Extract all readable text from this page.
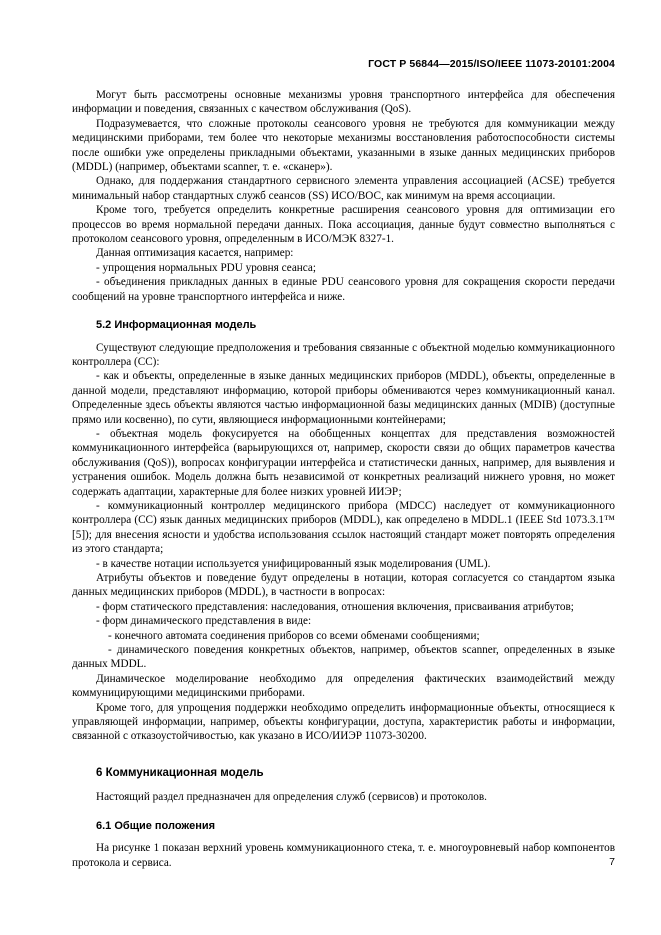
ГОСТ Р 56844—2015/ISO/IEEE 11073-20101:2004

Могут быть рассмотрены основные механизмы уровня транспортного интерфейса для обеспечения информации и поведения, связанных с качеством обслуживания (QoS).

Подразумевается, что сложные протоколы сеансового уровня не требуются для коммуникации между медицинскими приборами, тем более что некоторые механизмы восстановления работоспособности системы после ошибки уже определены прикладными объектами, указанными в языке данных медицинских приборов (MDDL) (например, объектами scanner, т. е. «сканер»).

Однако, для поддержания стандартного сервисного элемента управления ассоциацией (ACSE) требуется минимальный набор стандартных служб сеансов (SS) ИСО/ВОС, как минимум на время ассоциации.

Кроме того, требуется определить конкретные расширения сеансового уровня для оптимизации его процессов во время нормальной передачи данных. Пока ассоциация, данные будут совместно выполняться с протоколом сеансового уровня, определенным в ИСО/МЭК 8327-1.

Данная оптимизация касается, например:

- упрощения нормальных PDU уровня сеанса;

- объединения прикладных данных в единые PDU сеансового уровня для сокращения скорости передачи сообщений на уровне транспортного интерфейса и ниже.

5.2 Информационная модель

Существуют следующие предположения и требования связанные с объектной моделью коммуникационного контроллера (CC):

- как и объекты, определенные в языке данных медицинских приборов (MDDL), объекты, определенные в данной модели, представляют информацию, которой приборы обмениваются через коммуникационный канал. Определенные здесь объекты являются частью информационной базы медицинских данных (MDIB) (доступные прямо или косвенно), по сути, являющиеся информационными контейнерами;

- объектная модель фокусируется на обобщенных концептах для представления возможностей коммуникационного интерфейса (варьирующихся от, например, скорости связи до общих параметров качества обслуживания (QoS)), вопросах конфигурации интерфейса и статистически данных, например, для выявления и устранения ошибок. Модель должна быть независимой от конкретных реализаций нижнего уровня, но может содержать адаптации, характерные для более низких уровней ИИЭР;

- коммуникационный контроллер медицинского прибора (MDCC) наследует от коммуникационного контроллера (CC) язык данных медицинских приборов (MDDL), как определено в MDDL.1 (IEEE Std 1073.3.1™ [5]); для внесения ясности и удобства использования ссылок настоящий стандарт может повторять определения из этого стандарта;

- в качестве нотации используется унифицированный язык моделирования (UML).

Атрибуты объектов и поведение будут определены в нотации, которая согласуется со стандартом языка данных медицинских приборов (MDDL), в частности в вопросах:

- форм статического представления: наследования, отношения включения, присваивания атрибутов;

- форм динамического представления в виде:

- конечного автомата соединения приборов со всеми обменами сообщениями;

- динамического поведения конкретных объектов, например, объектов scanner, определенных в языке данных MDDL.

Динамическое моделирование необходимо для определения фактических взаимодействий между коммуницирующими медицинскими приборами.

Кроме того, для упрощения поддержки необходимо определить информационные объекты, относящиеся к управляющей информации, например, объекты конфигурации, доступа, характеристик работы и информации, связанной с отказоустойчивостью, как указано в ИСО/ИИЭР 11073-30200.

6 Коммуникационная модель

Настоящий раздел предназначен для определения служб (сервисов) и протоколов.

6.1 Общие положения

На рисунке 1 показан верхний уровень коммуникационного стека, т. е. многоуровневый набор компонентов протокола и сервиса.	7
